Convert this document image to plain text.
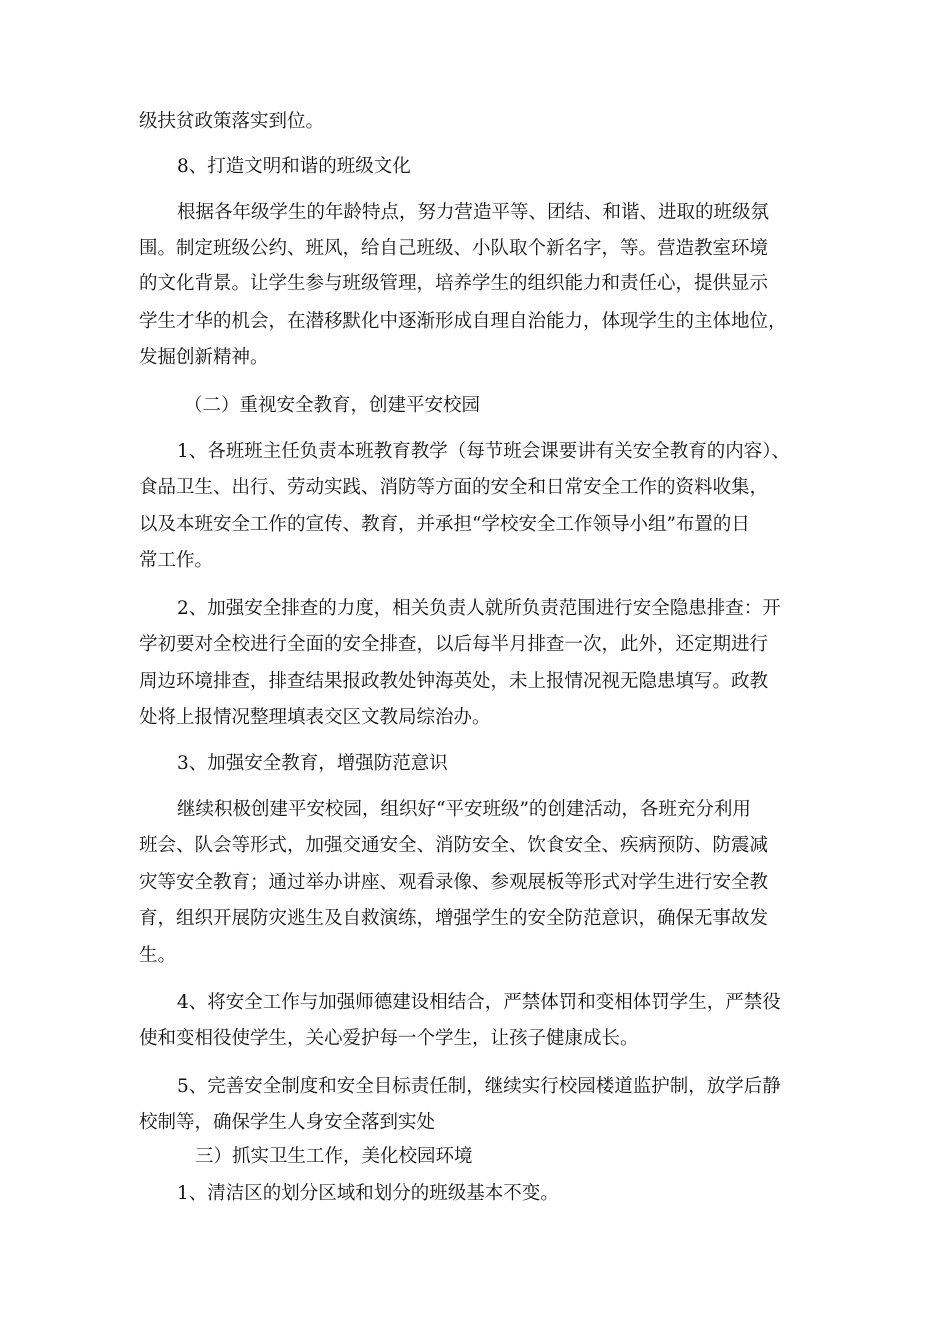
级扶贫政策落实到位。
8、打造文明和谐的班级文化
根据各年级学生的年龄特点，努力营造平等、团结、和谐、进取的班级氛
围。制定班级公约、班风，给自己班级、小队取个新名字，等。营造教室环境
的文化背景。让学生参与班级管理，培养学生的组织能力和责任心，提供显示
学生才华的机会，在潜移默化中逐渐形成自理自治能力，体现学生的主体地位，
发掘创新精神。
（二）重视安全教育，创建平安校园
1、各班班主任负责本班教育教学（每节班会课要讲有关安全教育的内容）、
食品卫生、出行、劳动实践、消防等方面的安全和日常安全工作的资料收集，
以及本班安全工作的宣传、教育，并承担“学校安全工作领导小组”布置的日
常工作。
2、加强安全排查的力度，相关负责人就所负责范围进行安全隐患排查：开
学初要对全校进行全面的安全排查，以后每半月排查一次，此外，还定期进行
周边环境排查，排查结果报政教处钟海英处，未上报情况视无隐患填写。政教
处将上报情况整理填表交区文教局综治办。
3、加强安全教育，增强防范意识
继续积极创建平安校园，组织好“平安班级”的创建活动，各班充分利用
班会、队会等形式，加强交通安全、消防安全、饮食安全、疾病预防、防震减
灾等安全教育；通过举办讲座、观看录像、参观展板等形式对学生进行安全教
育，组织开展防灾逃生及自救演练，增强学生的安全防范意识，确保无事故发
生。
4、将安全工作与加强师德建设相结合，严禁体罚和变相体罚学生，严禁役
使和变相役使学生，关心爱护每一个学生，让孩子健康成长。
5、完善安全制度和安全目标责任制，继续实行校园楼道监护制，放学后静
校制等，确保学生人身安全落到实处
三）抓实卫生工作，美化校园环境
1、清洁区的划分区域和划分的班级基本不变。
